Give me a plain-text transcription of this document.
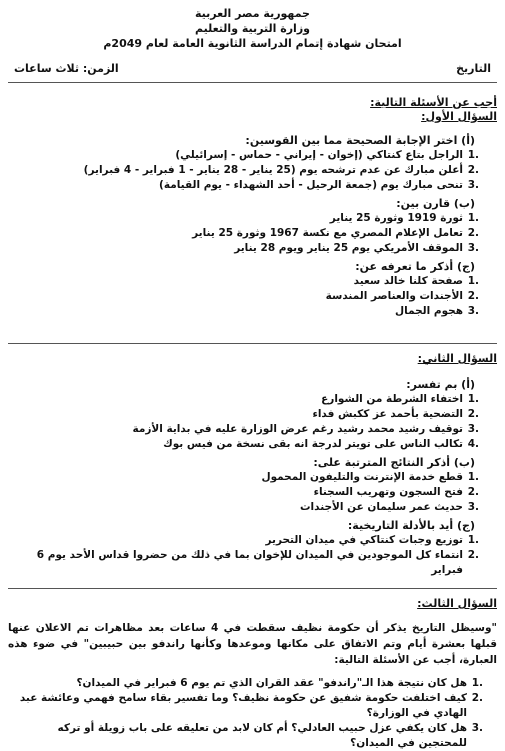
جمهورية مصر العربية
وزارة التربية والتعليم
امتحان شهادة إتمام الدراسة الثانوية العامة لعام 2049م
التاريخ
الزمن: ثلاث ساعات
أجب عن الأسئلة التالية:
السؤال الأول:
(أ) اختر الإجابة الصحيحة مما بين القوسين:
.1
الراجل بتاع كنتاكي (إخوان - إيراني - حماس - إسرائيلي)
.2
أعلن مبارك عن عدم ترشحه يوم (25 يناير - 28 يناير - 1 فبراير - 4 فبراير)
.3
تنحى مبارك يوم (جمعة الرحيل - أحد الشهداء - يوم القيامة)
(ب) قارن بين:
.1
ثورة 1919 وثورة 25 يناير
.2
تعامل الإعلام المصري مع نكسة 1967 وثورة 25 يناير
.3
الموقف الأمريكي يوم 25 يناير ويوم 28 يناير
(ج) أذكر ما تعرفه عن:
.1
صفحة كلنا خالد سعيد
.2
الأجندات والعناصر المندسة
.3
هجوم الجمال
السؤال الثاني:
(أ) بم تفسر:
.1
اختفاء الشرطة من الشوارع
.2
التضحية بأحمد عز ككبش فداء
.3
توقيف رشيد محمد رشيد رغم عرض الوزارة عليه في بداية الأزمة
.4
تكالب الناس على تويتر لدرجة انه بقى نسخة من فيس بوك
(ب) أذكر النتائج المترتبة على:
.1
قطع خدمة الإنترنت والتليفون المحمول
.2
فتح السجون وتهريب السجناء
.3
حديث عمر سليمان عن الأجندات
(ج) أيد بالأدلة التاريخية:
.1
توزيع وجبات كنتاكي في ميدان التحرير
.2
انتماء كل الموجودين في الميدان للإخوان بما في ذلك من حضروا قداس الأحد يوم 6 فبراير
السؤال الثالث:
"وسيظل التاريخ يذكر أن حكومة نظيف سقطت في 4 ساعات بعد مظاهرات تم الاعلان عنها قبلها بعشرة أيام وتم الاتفاق على مكانها وموعدها وكأنها راندفو بين حبيبين" في ضوء هذه العبارة، أجب عن الأسئلة التالية:
.1
هل كان نتيجة هذا الـ"راندفو" عقد القران الذي تم يوم 6 فبراير في الميدان؟
.2
كيف اختلفت حكومة شفيق عن حكومة نظيف؟ وما تفسير بقاء سامح فهمي وعائشة عبد الهادي في الوزارة؟
.3
هل كان يكفي عزل حبيب العادلي؟ أم كان لابد من تعليقه على باب زويلة أو تركه للمحتجين في الميدان؟
